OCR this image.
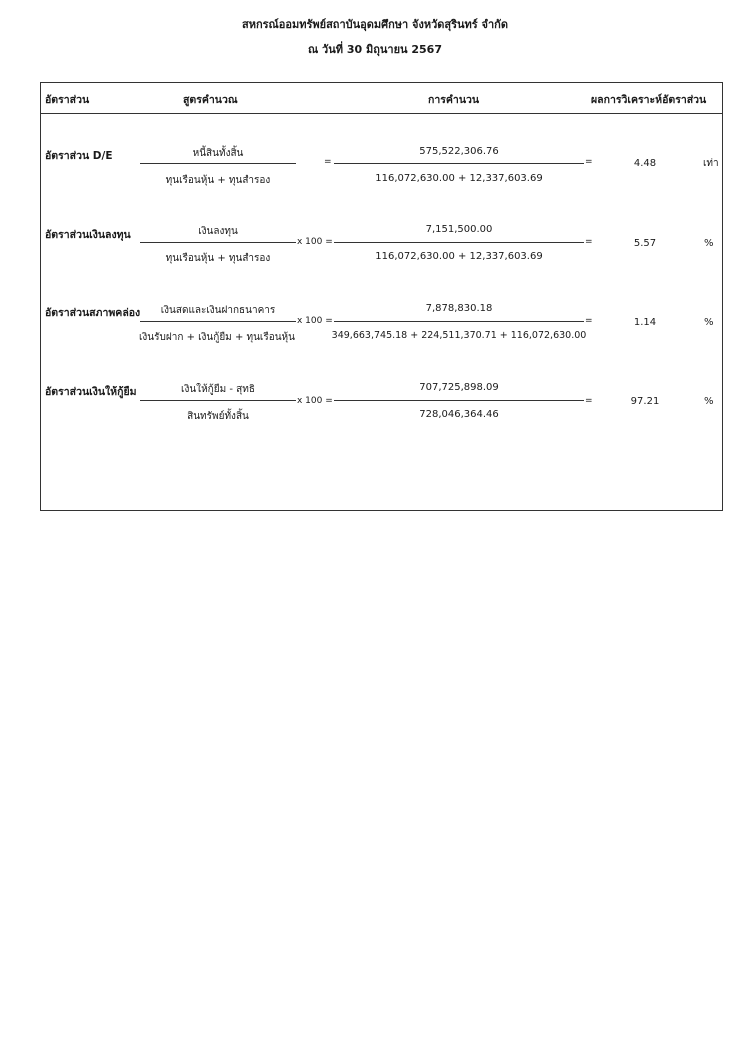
สหกรณ์ออมทรัพย์สถาบันอุดมศึกษา จังหวัดสุรินทร์ จำกัด
ณ วันที่ 30 มิถุนายน 2567
อัตราส่วน	สูตรคำนวณ	การคำนวน	ผลการวิเคราะห์อัตราส่วน
อัตราส่วน D/E	หนี้สินทั้งสิ้น
ทุนเรือนหุ้น + ทุนสำรอง
=
575,522,306.76
116,072,630.00 + 12,337,603.69
=	4.48	เท่า
อัตราส่วนเงินลงทุน	เงินลงทุน
ทุนเรือนหุ้น + ทุนสำรอง
x 100 =
7,151,500.00
116,072,630.00 + 12,337,603.69
=	5.57	%
อัตราส่วนสภาพคล่อง	เงินสดและเงินฝากธนาคาร
เงินรับฝาก + เงินกู้ยืม + ทุนเรือนหุ้น
x 100 =
7,878,830.18
349,663,745.18 + 224,511,370.71 + 116,072,630.00
=	1.14	%
อัตราส่วนเงินให้กู้ยืม	เงินให้กู้ยืม - สุทธิ
สินทรัพย์ทั้งสิ้น
x 100 =
707,725,898.09
728,046,364.46
=	97.21	%
